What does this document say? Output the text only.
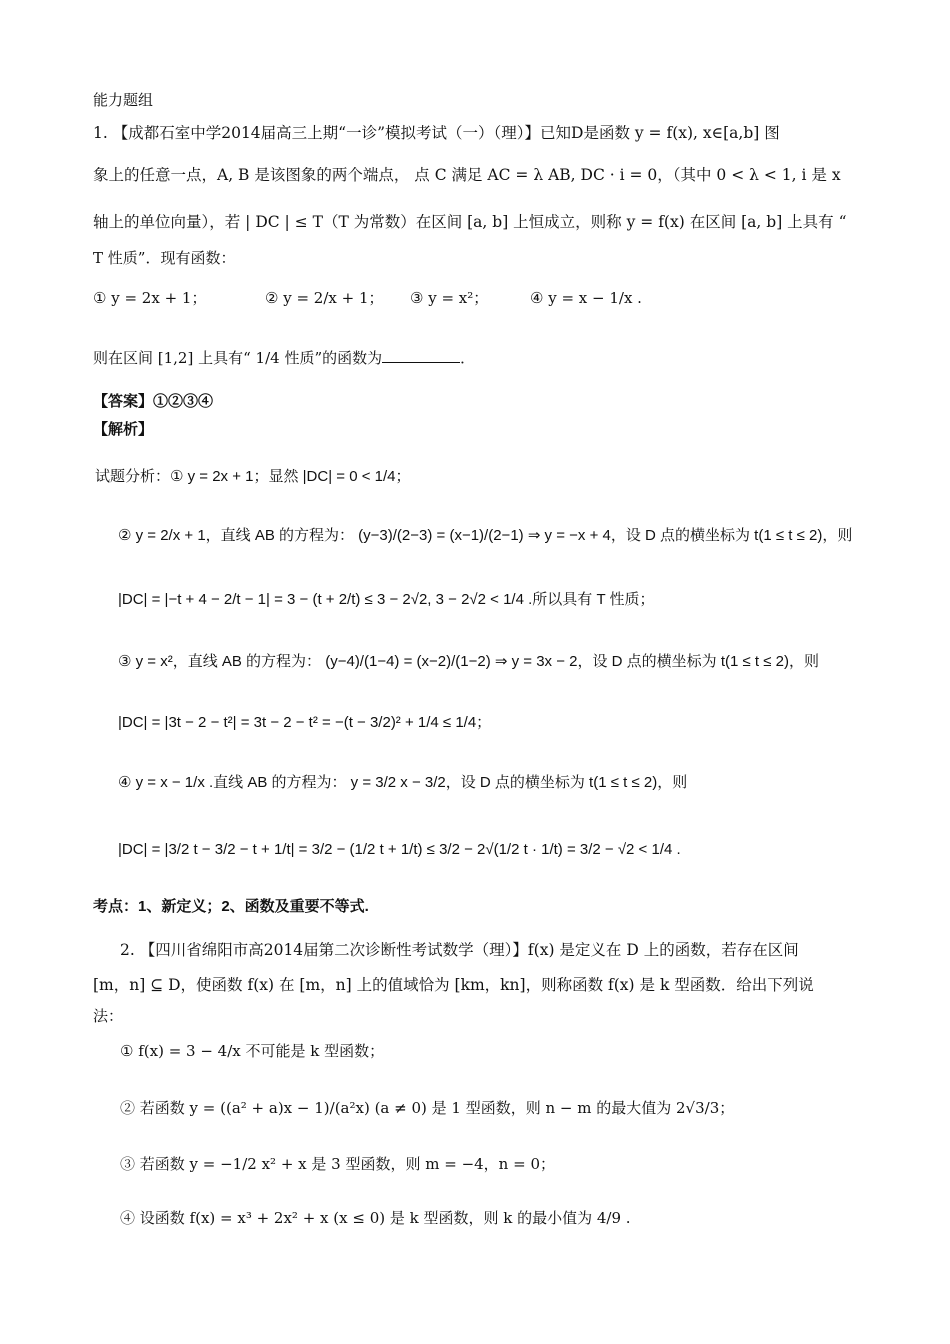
能力题组
1. 【成都石室中学2014届高三上期“一诊”模拟考试（一）（理）】已知D是函数 y = f(x), x∈[a,b] 图
象上的任意一点，A, B 是该图象的两个端点， 点 C 满足 AC = λ AB, DC · i = 0，（其中 0 < λ < 1, i 是 x
轴上的单位向量），若 | DC | ≤ T（T 为常数）在区间 [a, b] 上恒成立，则称 y = f(x) 在区间 [a, b] 上具有 “
T 性质”．现有函数：
① y = 2x + 1；	② y = 2/x + 1； ③ y = x²；	④ y = x − 1/x .
则在区间 [1,2] 上具有“ 1/4 性质”的函数为	．
【答案】①②③④
【解析】
试题分析：① y = 2x + 1；显然 |DC| = 0 < 1/4；
② y = 2/x + 1，直线 AB 的方程为： (y−3)/(2−3) = (x−1)/(2−1) ⇒ y = −x + 4，设 D 点的横坐标为 t(1 ≤ t ≤ 2)，则
|DC| = |−t + 4 − 2/t − 1| = 3 − (t + 2/t) ≤ 3 − 2√2, 3 − 2√2 < 1/4 .所以具有 T 性质；
③ y = x²，直线 AB 的方程为： (y−4)/(1−4) = (x−2)/(1−2) ⇒ y = 3x − 2，设 D 点的横坐标为 t(1 ≤ t ≤ 2)，则
|DC| = |3t − 2 − t²| = 3t − 2 − t² = −(t − 3/2)² + 1/4 ≤ 1/4；
④ y = x − 1/x .直线 AB 的方程为： y = 3/2 x − 3/2，设 D 点的横坐标为 t(1 ≤ t ≤ 2)，则
|DC| = |3/2 t − 3/2 − t + 1/t| = 3/2 − (1/2 t + 1/t) ≤ 3/2 − 2√(1/2 t · 1/t) = 3/2 − √2 < 1/4 .
考点：1、新定义；2、函数及重要不等式.
2. 【四川省绵阳市高2014届第二次诊断性考试数学（理）】f(x) 是定义在 D 上的函数，若存在区间
[m，n] ⊆ D，使函数 f(x) 在 [m，n] 上的值域恰为 [km，kn]，则称函数 f(x) 是 k 型函数．给出下列说
法：
① f(x) = 3 − 4/x 不可能是 k 型函数；
② 若函数 y = ((a² + a)x − 1)/(a²x) (a ≠ 0) 是 1 型函数，则 n − m 的最大值为 2√3/3；
③ 若函数 y = −1/2 x² + x 是 3 型函数，则 m = −4，n = 0；
④ 设函数 f(x) = x³ + 2x² + x (x ≤ 0) 是 k 型函数，则 k 的最小值为 4/9 .
